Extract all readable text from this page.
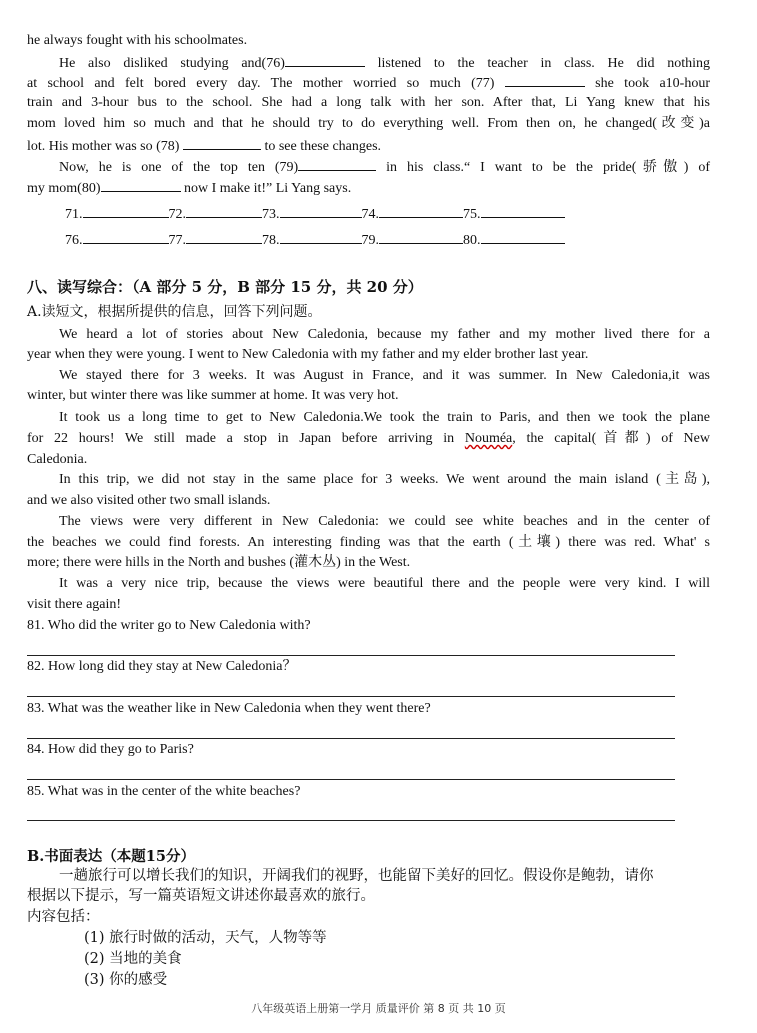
he always fought with his schoolmates.
He also disliked studying and(76)	listened to the teacher in class. He did nothing
at school and felt bored every day. The mother worried so much (77)	she took a10-hour
train and 3-hour bus to the school. She had a long talk with her son. After that, Li Yang knew that his
mom loved him so much and that he should try to do everything well. From then on, he changed(改变)a
lot. His mother was so (78)	to see these changes.
Now, he is one of the top ten (79)	in his class.“ I want to be the pride(骄傲) of
my mom(80)	now I make it!” Li Yang says.
71.	72.	73.	74.	75.
76.	77.	78.	79.	80.
八、读写综合：（A 部分 5 分，B 部分 15 分，共 20 分）
A.读短文，根据所提供的信息，回答下列问题。
We heard a lot of stories about New Caledonia, because my father and my mother lived there for a
year when they were young. I went to New Caledonia with my father and my elder brother last year.
We stayed there for 3 weeks. It was August in France, and it was summer. In New Caledonia,it was
winter, but winter there was like summer at home. It was very hot.
It took us a long time to get to New Caledonia.We took the train to Paris, and then we took the plane
for 22 hours! We still made a stop in Japan before arriving in Nouméa, the capital(首都) of New
Caledonia.
In this trip, we did not stay in the same place for 3 weeks. We went around the main island (主岛),
and we also visited other two small islands.
The views were very different in New Caledonia: we could see white beaches and in the center of
the beaches we could find forests. An interesting finding was that the earth (土壤) there was red. What' s
more; there were hills in the North and bushes (灌木丛) in the West.
It was a very nice trip, because the views were beautiful there and the people were very kind. I will
visit there again!
81. Who did the writer go to New Caledonia with?
82. How long did they stay at New Caledonia？
83. What was the weather like in New Caledonia when they went there?
84. How did they go to Paris?
85. What was in the center of the white beaches?
B.书面表达（本题15分）
一趟旅行可以增长我们的知识，开阔我们的视野，也能留下美好的回忆。假设你是鲍勃，请你
根据以下提示，写一篇英语短文讲述你最喜欢的旅行。
内容包括：
(1) 旅行时做的活动，天气，人物等等
(2) 当地的美食
(3) 你的感受
八年级英语上册第一学月 质量评价 第 8 页 共 10 页
